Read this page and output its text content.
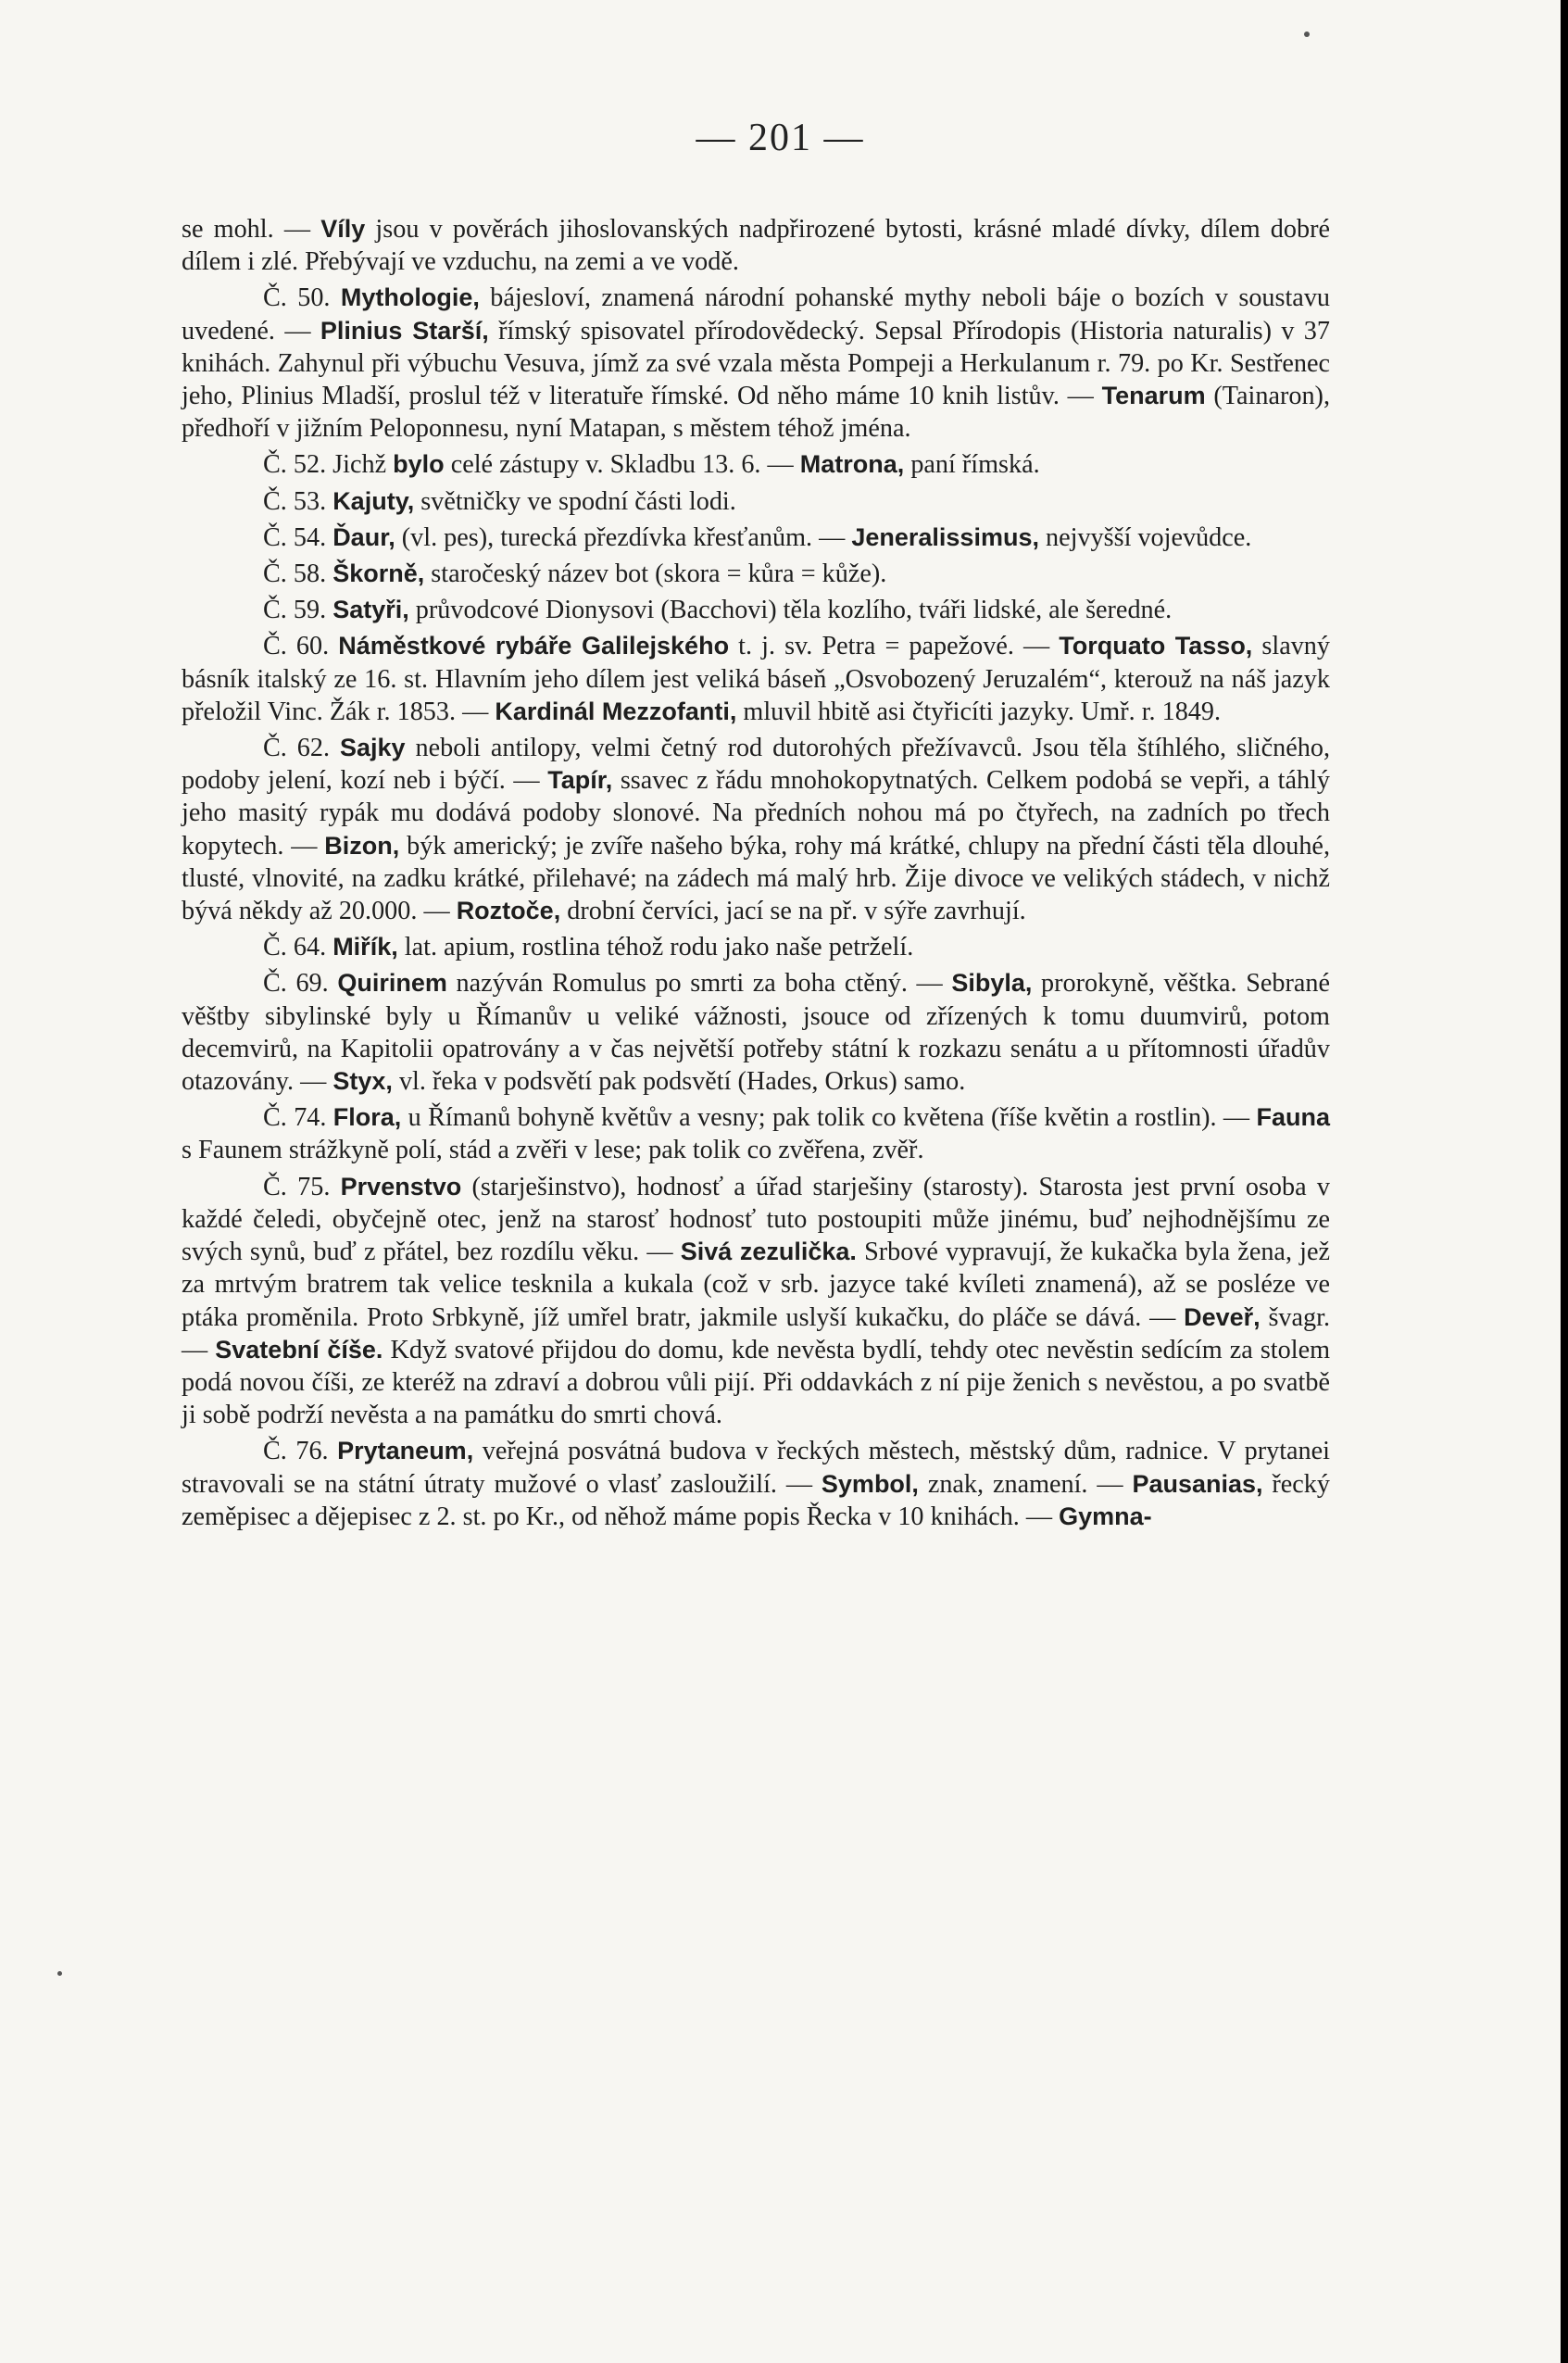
— 201 —

se mohl. — Víly jsou v pověrách jihoslovanských nadpřirozené bytosti, krásné mladé dívky, dílem dobré dílem i zlé. Přebývají ve vzduchu, na zemi a ve vodě.

Č. 50. Mythologie, bájesloví, znamená národní pohanské mythy neboli báje o bozích v soustavu uvedené. — Plinius Starší, římský spisovatel přírodovědecký. Sepsal Přírodopis (Historia naturalis) v 37 knihách. Zahynul při výbuchu Vesuva, jímž za své vzala města Pompeji a Herkulanum r. 79. po Kr. Sestřenec jeho, Plinius Mladší, proslul též v literatuře římské. Od něho máme 10 knih listův. — Tenarum (Tainaron), předhoří v jižním Peloponnesu, nyní Matapan, s městem téhož jména.

Č. 52. Jichž bylo celé zástupy v. Skladbu 13. 6. — Matrona, paní římská.

Č. 53. Kajuty, světničky ve spodní části lodi.

Č. 54. Ďaur, (vl. pes), turecká přezdívka křesťanům. — Jeneralissimus, nejvyšší vojevůdce.

Č. 58. Škorně, staročeský název bot (skora = kůra = kůže).

Č. 59. Satyři, průvodcové Dionysovi (Bacchovi) těla kozlího, tváři lidské, ale šeredné.

Č. 60. Náměstkové rybáře Galilejského t. j. sv. Petra = papežové. — Torquato Tasso, slavný básník italský ze 16. st. Hlavním jeho dílem jest veliká báseň „Osvobozený Jeruzalém“, kterouž na náš jazyk přeložil Vinc. Žák r. 1853. — Kardinál Mezzofanti, mluvil hbitě asi čtyřicíti jazyky. Umř. r. 1849.

Č. 62. Sajky neboli antilopy, velmi četný rod dutorohých přežívavců. Jsou těla štíhlého, sličného, podoby jelení, kozí neb i býčí. — Tapír, ssavec z řádu mnohokopytnatých. Celkem podobá se vepři, a táhlý jeho masitý rypák mu dodává podoby slonové. Na předních nohou má po čtyřech, na zadních po třech kopytech. — Bizon, býk americký; je zvíře našeho býka, rohy má krátké, chlupy na přední části těla dlouhé, tlusté, vlnovité, na zadku krátké, přilehavé; na zádech má malý hrb. Žije divoce ve velikých stádech, v nichž bývá někdy až 20.000. — Roztoče, drobní červíci, jací se na př. v sýře zavrhují.

Č. 64. Miřík, lat. apium, rostlina téhož rodu jako naše petrželí.

Č. 69. Quirinem nazýván Romulus po smrti za boha ctěný. — Sibyla, prorokyně, věštka. Sebrané věštby sibylinské byly u Římanův u veliké vážnosti, jsouce od zřízených k tomu duumvirů, potom decemvirů, na Kapitolii opatrovány a v čas největší potřeby státní k rozkazu senátu a u přítomnosti úřadův otazovány. — Styx, vl. řeka v podsvětí pak podsvětí (Hades, Orkus) samo.

Č. 74. Flora, u Římanů bohyně květův a vesny; pak tolik co květena (říše květin a rostlin). — Fauna s Faunem strážkyně polí, stád a zvěři v lese; pak tolik co zvěřena, zvěř.

Č. 75. Prvenstvo (starješinstvo), hodnosť a úřad starješiny (starosty). Starosta jest první osoba v každé čeledi, obyčejně otec, jenž na starosť hodnosť tuto postoupiti může jinému, buď nejhodnějšímu ze svých synů, buď z přátel, bez rozdílu věku. — Sivá zezulička. Srbové vypravují, že kukačka byla žena, jež za mrtvým bratrem tak velice tesknila a kukala (což v srb. jazyce také kvíleti znamená), až se posléze ve ptáka proměnila. Proto Srbkyně, jíž umřel bratr, jakmile uslyší kukačku, do pláče se dává. — Deveř, švagr. — Svatební číše. Když svatové přijdou do domu, kde nevěsta bydlí, tehdy otec nevěstin sedícím za stolem podá novou číši, ze kteréž na zdraví a dobrou vůli pijí. Při oddavkách z ní pije ženich s nevěstou, a po svatbě ji sobě podrží nevěsta a na památku do smrti chová.

Č. 76. Prytaneum, veřejná posvátná budova v řeckých městech, městský dům, radnice. V prytanei stravovali se na státní útraty mužové o vlasť zasloužilí. — Symbol, znak, znamení. — Pausanias, řecký zeměpisec a dějepisec z 2. st. po Kr., od něhož máme popis Řecka v 10 knihách. — Gymna-
